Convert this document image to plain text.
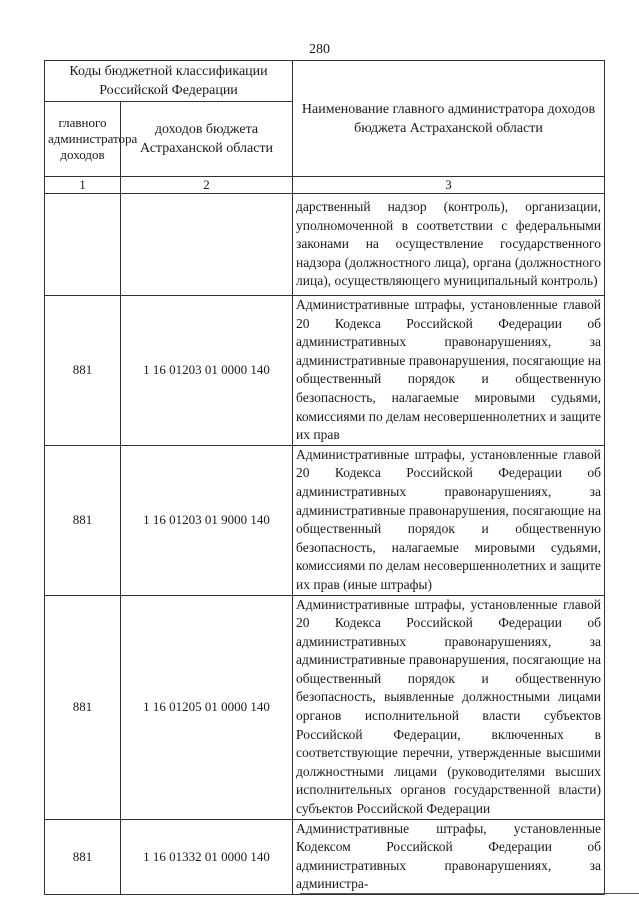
280
Коды бюджетной классификации Российской Федерации		Наименование главного администратора доходов бюджета Астраханской области
главного администратора доходов	доходов бюджета Астраханской области	
1	2	3
		дарственный надзор (контроль), организации, уполномоченной в соответствии с федеральными законами на осуществление государственного надзора (должностного лица), органа (должностного лица), осуществляющего муниципальный контроль)
881	1 16 01203 01 0000 140	Административные штрафы, установленные главой 20 Кодекса Российской Федерации об административных правонарушениях, за административные правонарушения, посягающие на общественный порядок и общественную безопасность, налагаемые мировыми судьями, комиссиями по делам несовершеннолетних и защите их прав
881	1 16 01203 01 9000 140	Административные штрафы, установленные главой 20 Кодекса Российской Федерации об административных правонарушениях, за административные правонарушения, посягающие на общественный порядок и общественную безопасность, налагаемые мировыми судьями, комиссиями по делам несовершеннолетних и защите их прав (иные штрафы)
881	1 16 01205 01 0000 140	Административные штрафы, установленные главой 20 Кодекса Российской Федерации об административных правонарушениях, за административные правонарушения, посягающие на общественный порядок и общественную безопасность, выявленные должностными лицами органов исполнительной власти субъектов Российской Федерации, включенных в соответствующие перечни, утвержденные высшими должностными лицами (руководителями высших исполнительных органов государственной власти) субъектов Российской Федерации
881	1 16 01332 01 0000 140	Административные штрафы, установленные Кодексом Российской Федерации об административных правонарушениях, за администра-
